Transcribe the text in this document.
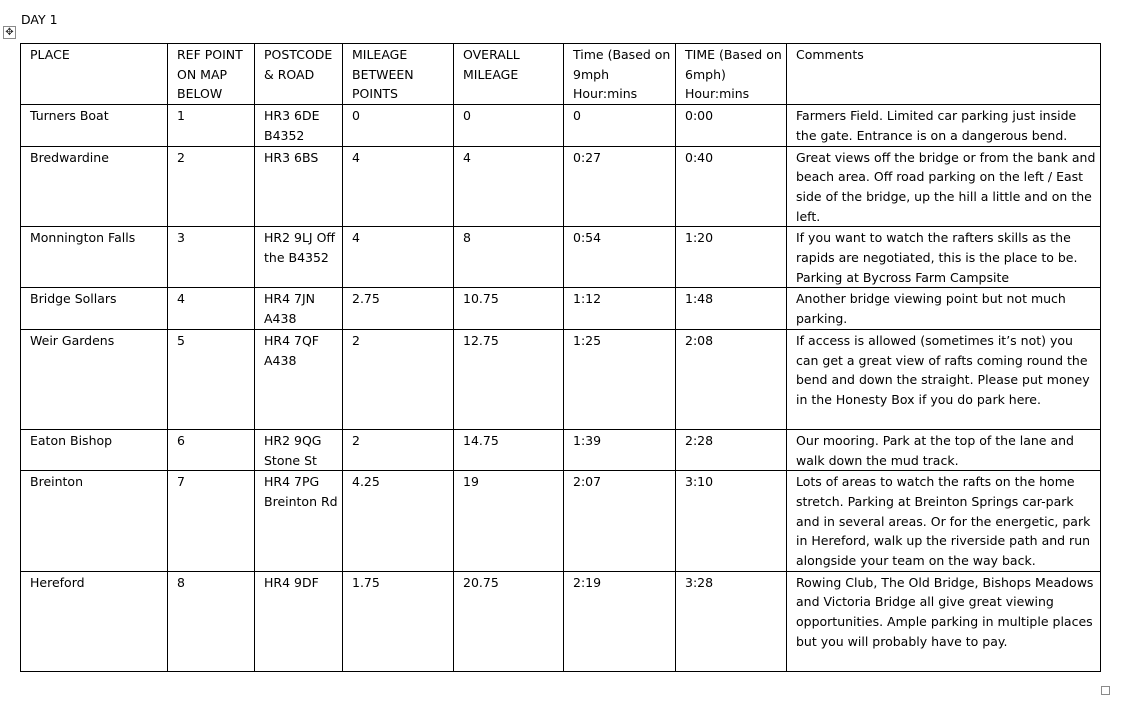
DAY 1
✥
PLACE	REF POINT ON MAP BELOW	POSTCODE & ROAD	MILEAGE BETWEEN POINTS	OVERALL MILEAGE	Time (Based on 9mph Hour:mins	TIME (Based on 6mph) Hour:mins	Comments
Turners Boat	1	HR3 6DE B4352	0	0	0	0:00	Farmers Field. Limited car parking just inside the gate. Entrance is on a dangerous bend.
Bredwardine	2	HR3 6BS	4	4	0:27	0:40	Great views off the bridge or from the bank and beach area. Off road parking on the left / East side of the bridge, up the hill a little and on the left.
Monnington Falls	3	HR2 9LJ Off the B4352	4	8	0:54	1:20	If you want to watch the rafters skills as the rapids are negotiated, this is the place to be. Parking at Bycross Farm Campsite
Bridge Sollars	4	HR4 7JN A438	2.75	10.75	1:12	1:48	Another bridge viewing point but not much parking.
Weir Gardens	5	HR4 7QF A438	2	12.75	1:25	2:08	If access is allowed (sometimes it’s not) you can get a great view of rafts coming round the bend and down the straight. Please put money in the Honesty Box if you do park here.
Eaton Bishop	6	HR2 9QG Stone St	2	14.75	1:39	2:28	Our mooring. Park at the top of the lane and walk down the mud track.
Breinton	7	HR4 7PG Breinton Rd	4.25	19	2:07	3:10	Lots of areas to watch the rafts on the home stretch. Parking at Breinton Springs car-park and in several areas. Or for the energetic, park in Hereford, walk up the riverside path and run alongside your team on the way back.
Hereford	8	HR4 9DF	1.75	20.75	2:19	3:28	Rowing Club, The Old Bridge, Bishops Meadows and Victoria Bridge all give great viewing opportunities. Ample parking in multiple places but you will probably have to pay.
